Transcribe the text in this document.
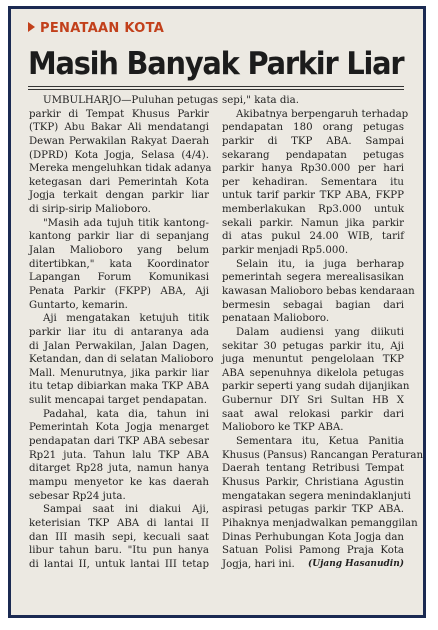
PENATAAN KOTA
Masih Banyak Parkir Liar
UMBULHARJO—Puluhan petugas
parkir di Tempat Khusus Parkir
(TKP) Abu Bakar Ali mendatangi
Dewan Perwakilan Rakyat Daerah
(DPRD) Kota Jogja, Selasa (4/4).
Mereka mengeluhkan tidak adanya
ketegasan dari Pemerintah Kota
Jogja terkait dengan parkir liar
di sirip-sirip Malioboro.
"Masih ada tujuh titik kantong-
kantong parkir liar di sepanjang
Jalan Malioboro yang belum
ditertibkan," kata Koordinator
Lapangan Forum Komunikasi
Penata Parkir (FKPP) ABA, Aji
Guntarto, kemarin.
Aji mengatakan ketujuh titik
parkir liar itu di antaranya ada
di Jalan Perwakilan, Jalan Dagen,
Ketandan, dan di selatan Malioboro
Mall. Menurutnya, jika parkir liar
itu tetap dibiarkan maka TKP ABA
sulit mencapai target pendapatan.
Padahal, kata dia, tahun ini
Pemerintah Kota Jogja menarget
pendapatan dari TKP ABA sebesar
Rp21 juta. Tahun lalu TKP ABA
ditarget Rp28 juta, namun hanya
mampu menyetor ke kas daerah
sebesar Rp24 juta.
Sampai saat ini diakui Aji,
keterisian TKP ABA di lantai II
dan III masih sepi, kecuali saat
libur tahun baru. "Itu pun hanya
di lantai II, untuk lantai III tetap
sepi," kata dia.
Akibatnya berpengaruh terhadap
pendapatan 180 orang petugas
parkir di TKP ABA. Sampai
sekarang pendapatan petugas
parkir hanya Rp30.000 per hari
per kehadiran. Sementara itu
untuk tarif parkir TKP ABA, FKPP
memberlakukan Rp3.000 untuk
sekali parkir. Namun jika parkir
di atas pukul 24.00 WIB, tarif
parkir menjadi Rp5.000.
Selain itu, ia juga berharap
pemerintah segera merealisasikan
kawasan Malioboro bebas kendaraan
bermesin sebagai bagian dari
penataan Malioboro.
Dalam audiensi yang diikuti
sekitar 30 petugas parkir itu, Aji
juga menuntut pengelolaan TKP
ABA sepenuhnya dikelola petugas
parkir seperti yang sudah dijanjikan
Gubernur DIY Sri Sultan HB X
saat awal relokasi parkir dari
Malioboro ke TKP ABA.
Sementara itu, Ketua Panitia
Khusus (Pansus) Rancangan Peraturan
Daerah tentang Retribusi Tempat
Khusus Parkir, Christiana Agustin
mengatakan segera menindaklanjuti
aspirasi petugas parkir TKP ABA.
Pihaknya menjadwalkan pemanggilan
Dinas Perhubungan Kota Jogja dan
Satuan Polisi Pamong Praja Kota
Jogja, hari ini. (Ujang Hasanudin)
